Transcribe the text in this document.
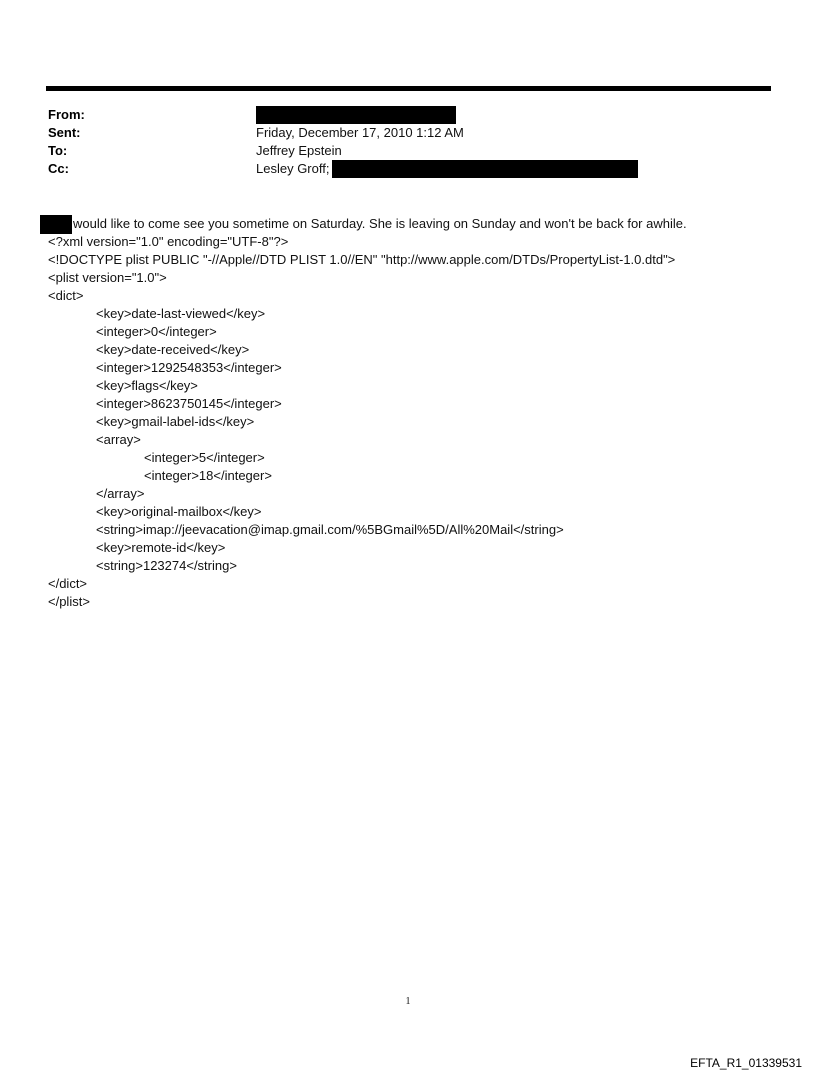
From:
Sent:	Friday, December 17, 2010 1:12 AM
To:	Jeffrey Epstein
Cc:	Lesley Groff;
would like to come see you sometime on Saturday. She is leaving on Sunday and won't be back for awhile.
<?xml version="1.0" encoding="UTF-8"?>
<!DOCTYPE plist PUBLIC "-//Apple//DTD PLIST 1.0//EN" "http://www.apple.com/DTDs/PropertyList-1.0.dtd">
<plist version="1.0">
<dict>
<key>date-last-viewed</key>
<integer>0</integer>
<key>date-received</key>
<integer>1292548353</integer>
<key>flags</key>
<integer>8623750145</integer>
<key>gmail-label-ids</key>
<array>
<integer>5</integer>
<integer>18</integer>
</array>
<key>original-mailbox</key>
<string>imap://jeevacation@imap.gmail.com/%5BGmail%5D/All%20Mail</string>
<key>remote-id</key>
<string>123274</string>
</dict>
</plist>
1
EFTA_R1_01339531
